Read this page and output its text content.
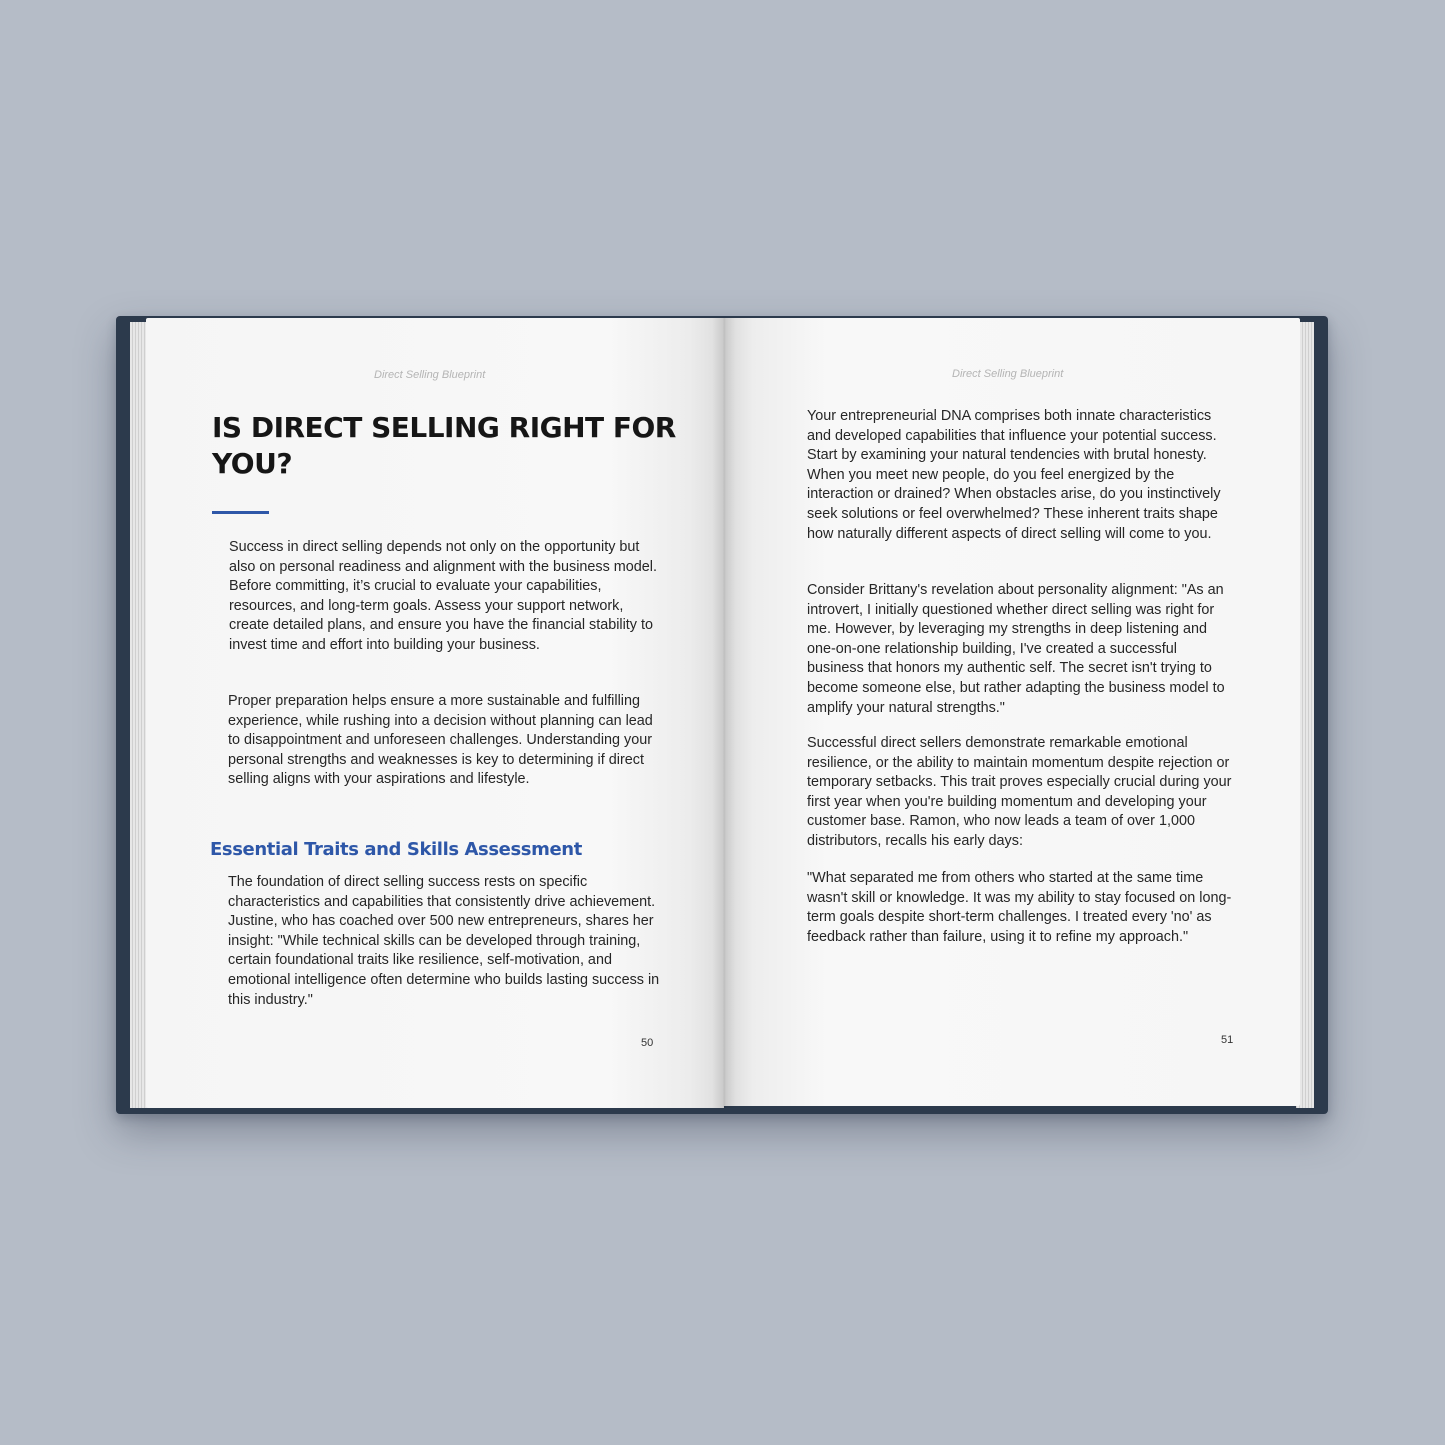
Direct Selling Blueprint
IS DIRECT SELLING RIGHT FOR YOU?

Success in direct selling depends not only on the opportunity but also on personal readiness and alignment with the business model. Before committing, it’s crucial to evaluate your capabilities, resources, and long-term goals. Assess your support network, create detailed plans, and ensure you have the financial stability to invest time and effort into building your business.

Proper preparation helps ensure a more sustainable and fulfilling experience, while rushing into a decision without planning can lead to disappointment and unforeseen challenges. Understanding your personal strengths and weaknesses is key to determining if direct selling aligns with your aspirations and lifestyle.

Essential Traits and Skills Assessment

The foundation of direct selling success rests on specific characteristics and capabilities that consistently drive achievement. Justine, who has coached over 500 new entrepreneurs, shares her insight: "While technical skills can be developed through training, certain foundational traits like resilience, self-motivation, and emotional intelligence often determine who builds lasting success in this industry."

50
Direct Selling Blueprint

Your entrepreneurial DNA comprises both innate characteristics and developed capabilities that influence your potential success. Start by examining your natural tendencies with brutal honesty. When you meet new people, do you feel energized by the interaction or drained? When obstacles arise, do you instinctively seek solutions or feel overwhelmed? These inherent traits shape how naturally different aspects of direct selling will come to you.

Consider Brittany's revelation about personality alignment: "As an introvert, I initially questioned whether direct selling was right for me. However, by leveraging my strengths in deep listening and one-on-one relationship building, I've created a successful business that honors my authentic self. The secret isn't trying to become someone else, but rather adapting the business model to amplify your natural strengths."

Successful direct sellers demonstrate remarkable emotional resilience, or the ability to maintain momentum despite rejection or temporary setbacks. This trait proves especially crucial during your first year when you're building momentum and developing your customer base. Ramon, who now leads a team of over 1,000 distributors, recalls his early days:

"What separated me from others who started at the same time wasn't skill or knowledge. It was my ability to stay focused on long-term goals despite short-term challenges. I treated every 'no' as feedback rather than failure, using it to refine my approach."

51
